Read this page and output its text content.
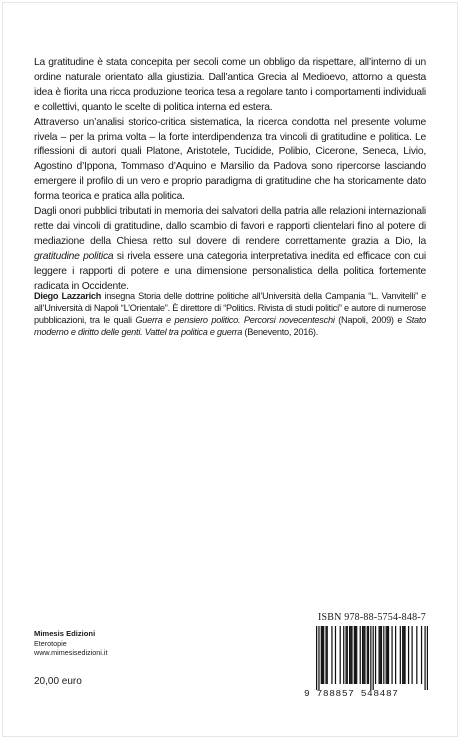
La gratitudine è stata concepita per secoli come un obbligo da rispettare, all’interno di un ordine naturale orientato alla giustizia. Dall’antica Grecia al Medioevo, attorno a questa idea è fiorita una ricca produzione teorica tesa a regolare tanto i comportamenti individuali e collettivi, quanto le scelte di politica interna ed estera.

Attraverso un’analisi storico-critica sistematica, la ricerca condotta nel presente volume rivela – per la prima volta – la forte interdipendenza tra vincoli di gratitudine e politica. Le riflessioni di autori quali Platone, Aristotele, Tucidide, Polibio, Cicerone, Seneca, Livio, Agostino d’Ippona, Tommaso d’Aquino e Marsilio da Padova sono ripercorse lasciando emergere il profilo di un vero e proprio paradigma di gratitudine che ha storicamente dato forma teorica e pratica alla politica.

Dagli onori pubblici tributati in memoria dei salvatori della patria alle relazioni internazionali rette dai vincoli di gratitudine, dallo scambio di favori e rapporti clientelari fino al potere di mediazione della Chiesa retto sul dovere di rendere correttamente grazia a Dio, la gratitudine politica si rivela essere una categoria interpretativa inedita ed efficace con cui leggere i rapporti di potere e una dimensione personalistica della politica fortemente radicata in Occidente.

Diego Lazzarich insegna Storia delle dottrine politiche all’Università della Campania “L. Vanvitelli” e all’Università di Napoli “L’Orientale”. È direttore di “Politics. Rivista di studi politici” e autore di numerose pubblicazioni, tra le quali Guerra e pensiero politico. Percorsi novecenteschi (Napoli, 2009) e Stato moderno e diritto delle genti. Vattel tra politica e guerra (Benevento, 2016).

Mimesis Edizioni
Eterotopie
www.mimesisedizioni.it
20,00 euro
ISBN 978-88-5754-848-7
9 788857 548487
